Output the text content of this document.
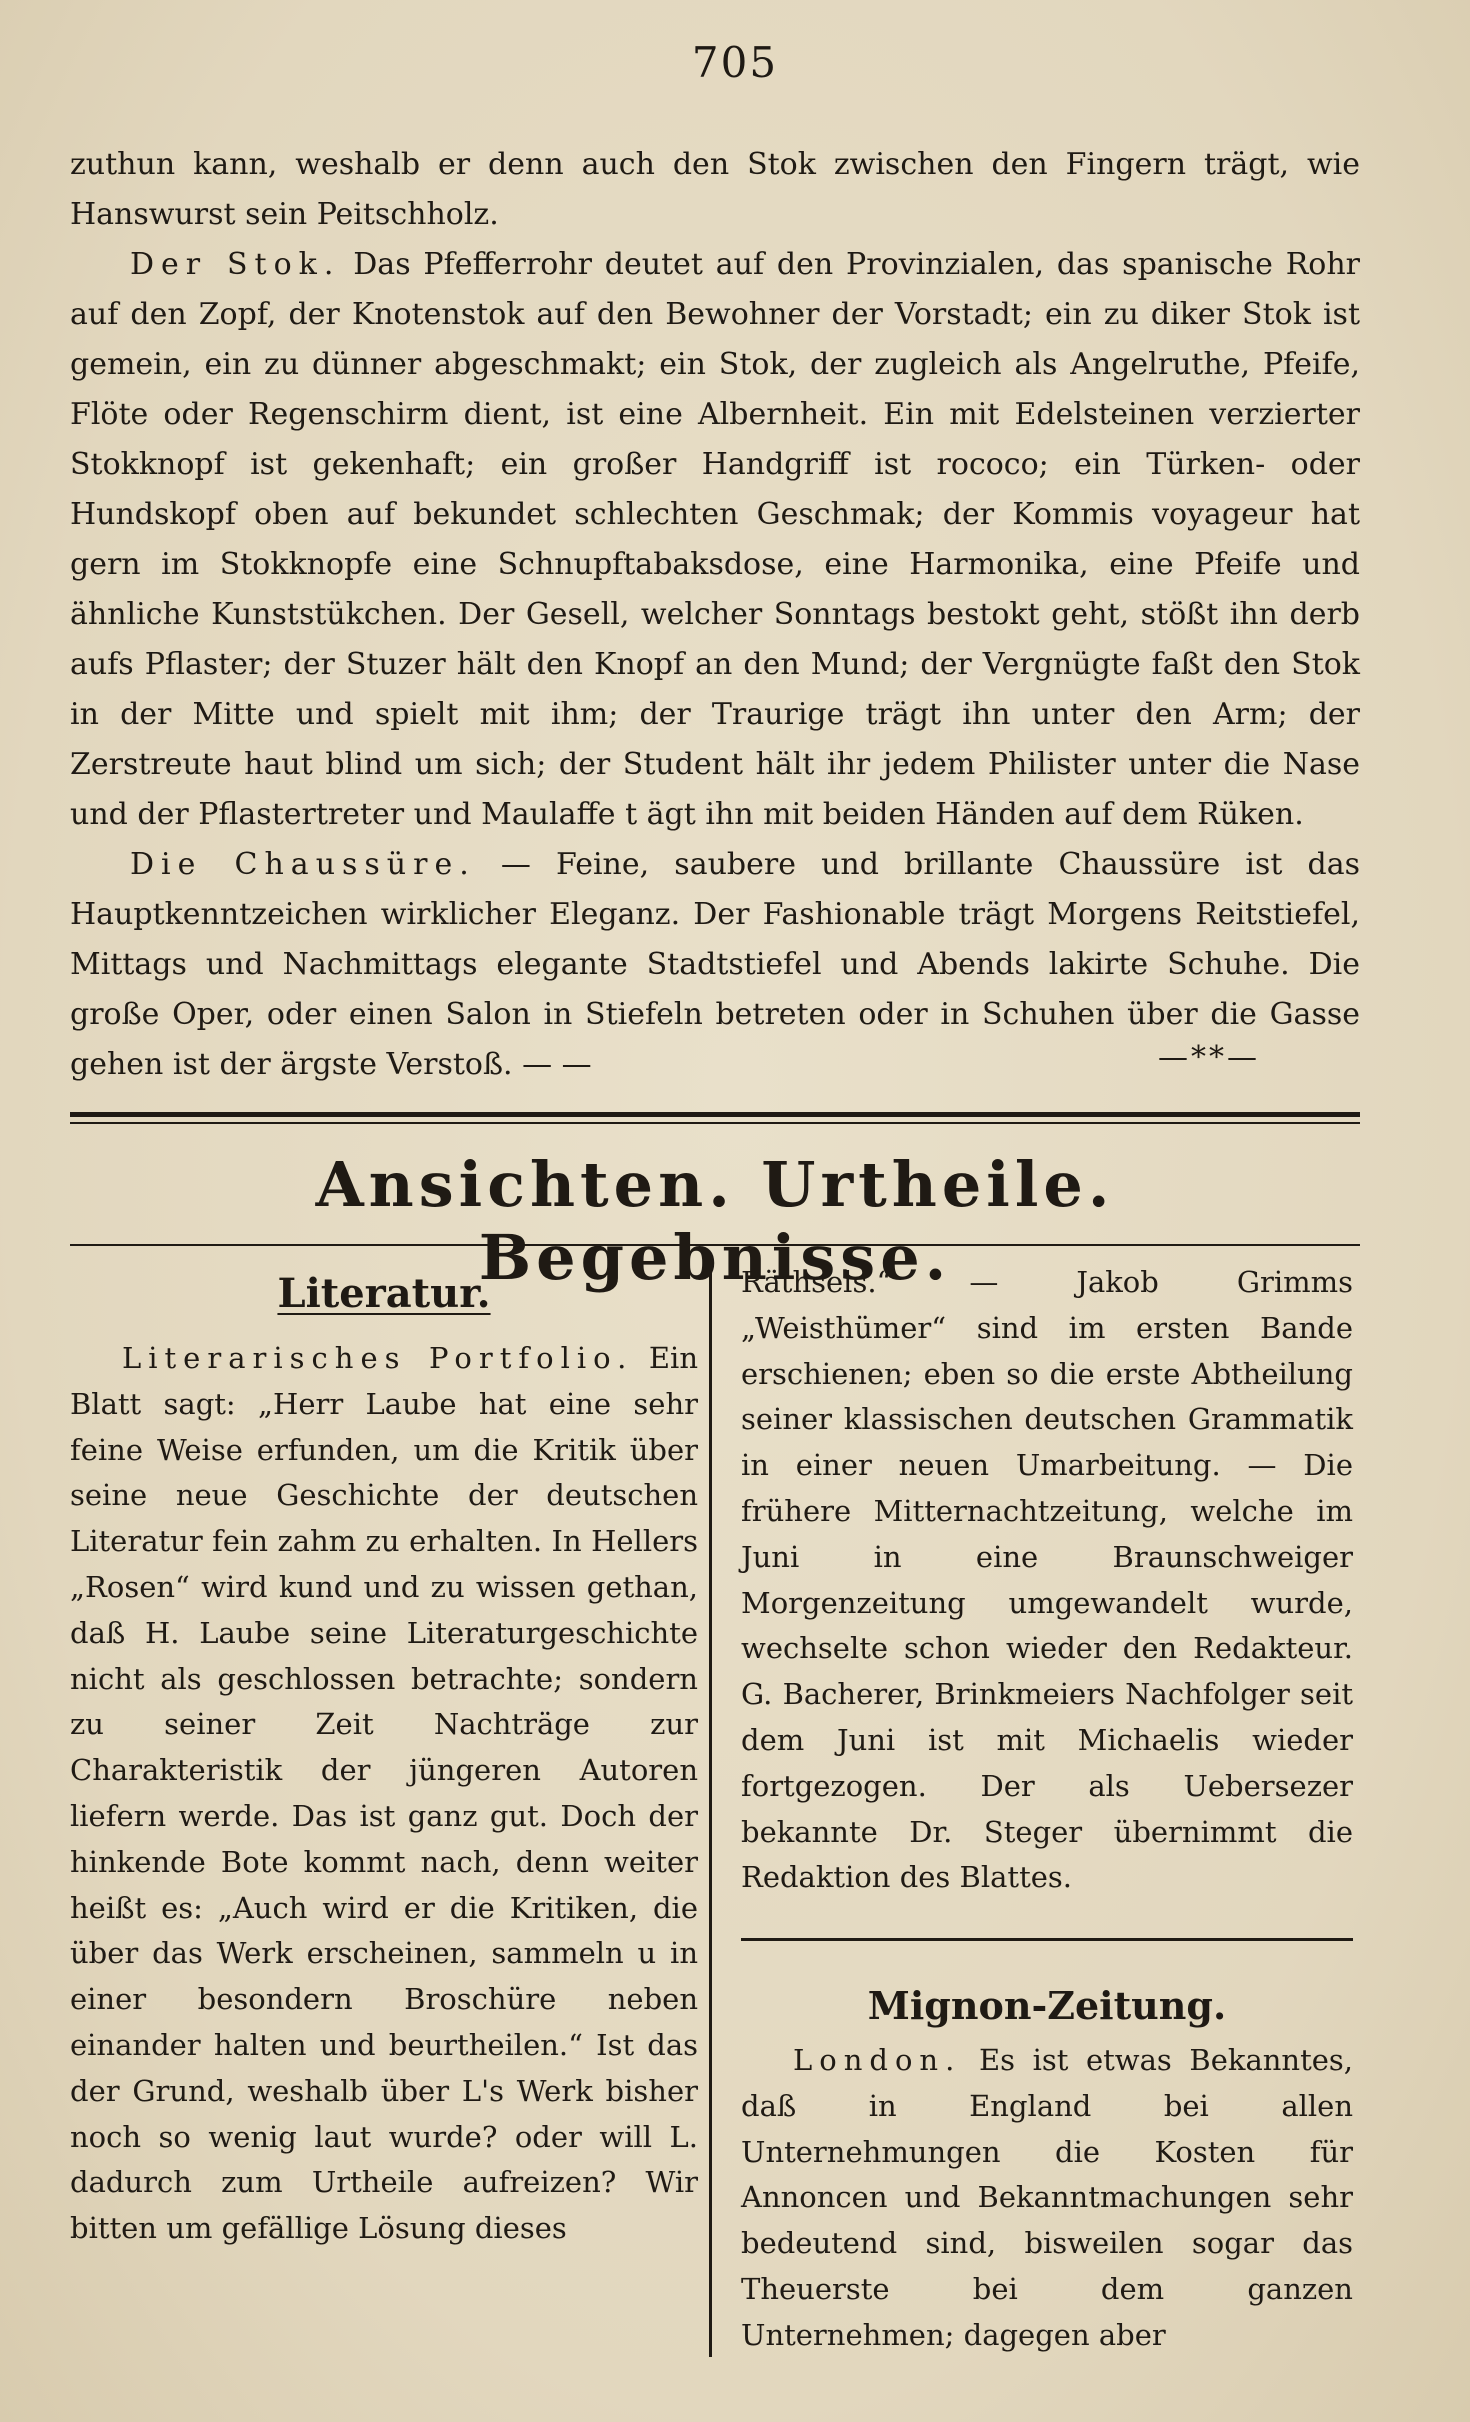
705

zuthun kann, weshalb er denn auch den Stok zwischen den Fingern trägt, wie Hanswurst sein Peitschholz.

Der Stok. Das Pfefferrohr deutet auf den Provinzialen, das spanische Rohr auf den Zopf, der Knotenstok auf den Bewohner der Vorstadt; ein zu diker Stok ist gemein, ein zu dünner abgeschmakt; ein Stok, der zugleich als Angelruthe, Pfeife, Flöte oder Regenschirm dient, ist eine Albernheit. Ein mit Edelsteinen verzierter Stokknopf ist gekenhaft; ein großer Handgriff ist rococo; ein Türken- oder Hundskopf oben auf bekundet schlechten Geschmak; der Kommis voyageur hat gern im Stokknopfe eine Schnupftabaksdose, eine Harmonika, eine Pfeife und ähnliche Kunststükchen. Der Gesell, welcher Sonntags bestokt geht, stößt ihn derb aufs Pflaster; der Stuzer hält den Knopf an den Mund; der Vergnügte faßt den Stok in der Mitte und spielt mit ihm; der Traurige trägt ihn unter den Arm; der Zerstreute haut blind um sich; der Student hält ihr jedem Philister unter die Nase und der Pflastertreter und Maulaffe t ägt ihn mit beiden Händen auf dem Rüken.

Die Chaussüre. — Feine, saubere und brillante Chaussüre ist das Hauptkenntzeichen wirklicher Eleganz. Der Fashionable trägt Morgens Reitstiefel, Mittags und Nachmittags elegante Stadtstiefel und Abends lakirte Schuhe. Die große Oper, oder einen Salon in Stiefeln betreten oder in Schuhen über die Gasse gehen ist der ärgste Verstoß. — —	—**—
Ansichten. Urtheile. Begebnisse.
Literatur.

Literarisches Portfolio. Ein Blatt sagt: „Herr Laube hat eine sehr feine Weise erfunden, um die Kritik über seine neue Geschichte der deutschen Literatur fein zahm zu erhalten. In Hellers „Rosen“ wird kund und zu wissen gethan, daß H. Laube seine Literaturgeschichte nicht als geschlossen betrachte; sondern zu seiner Zeit Nachträge zur Charakteristik der jüngeren Autoren liefern werde. Das ist ganz gut. Doch der hinkende Bote kommt nach, denn weiter heißt es: „Auch wird er die Kritiken, die über das Werk erscheinen, sammeln u in einer besondern Broschüre neben einander halten und beurtheilen.“ Ist das der Grund, weshalb über L's Werk bisher noch so wenig laut wurde? oder will L. dadurch zum Urtheile aufreizen? Wir bitten um gefällige Lösung dieses

Räthsels.“ — Jakob Grimms „Weisthümer“ sind im ersten Bande erschienen; eben so die erste Abtheilung seiner klassischen deutschen Grammatik in einer neuen Umarbeitung. — Die frühere Mitternachtzeitung, welche im Juni in eine Braunschweiger Morgenzeitung umgewandelt wurde, wechselte schon wieder den Redakteur. G. Bacherer, Brinkmeiers Nachfolger seit dem Juni ist mit Michaelis wieder fortgezogen. Der als Uebersezer bekannte Dr. Steger übernimmt die Redaktion des Blattes.

Mignon-Zeitung.

London. Es ist etwas Bekanntes, daß in England bei allen Unternehmungen die Kosten für Annoncen und Bekanntmachungen sehr bedeutend sind, bisweilen sogar das Theuerste bei dem ganzen Unternehmen; dagegen aber
